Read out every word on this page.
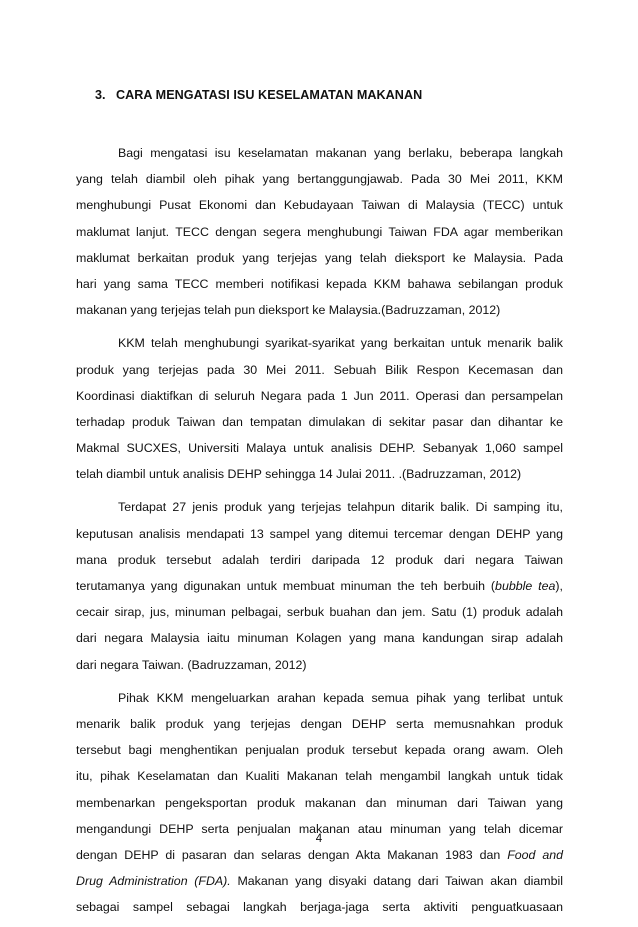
3. CARA MENGATASI ISU KESELAMATAN MAKANAN
Bagi mengatasi isu keselamatan makanan yang berlaku, beberapa langkah
yang telah diambil oleh pihak yang bertanggungjawab. Pada 30 Mei 2011, KKM
menghubungi Pusat Ekonomi dan Kebudayaan Taiwan di Malaysia (TECC) untuk
maklumat lanjut. TECC dengan segera menghubungi Taiwan FDA agar memberikan
maklumat berkaitan produk yang terjejas yang telah dieksport ke Malaysia. Pada
hari yang sama TECC memberi notifikasi kepada KKM bahawa sebilangan produk
makanan yang terjejas telah pun dieksport ke Malaysia.(Badruzzaman, 2012)
KKM telah menghubungi syarikat-syarikat yang berkaitan untuk menarik balik
produk yang terjejas pada 30 Mei 2011. Sebuah Bilik Respon Kecemasan dan
Koordinasi diaktifkan di seluruh Negara pada 1 Jun 2011. Operasi dan persampelan
terhadap produk Taiwan dan tempatan dimulakan di sekitar pasar dan dihantar ke
Makmal SUCXES, Universiti Malaya untuk analisis DEHP. Sebanyak 1,060 sampel
telah diambil untuk analisis DEHP sehingga 14 Julai 2011. .(Badruzzaman, 2012)
Terdapat 27 jenis produk yang terjejas telahpun ditarik balik. Di samping itu,
keputusan analisis mendapati 13 sampel yang ditemui tercemar dengan DEHP yang
mana produk tersebut adalah terdiri daripada 12 produk dari negara Taiwan
terutamanya yang digunakan untuk membuat minuman the teh berbuih (bubble tea),
cecair sirap, jus, minuman pelbagai, serbuk buahan dan jem. Satu (1) produk adalah
dari negara Malaysia iaitu minuman Kolagen yang mana kandungan sirap adalah
dari negara Taiwan. (Badruzzaman, 2012)
Pihak KKM mengeluarkan arahan kepada semua pihak yang terlibat untuk
menarik balik produk yang terjejas dengan DEHP serta memusnahkan produk
tersebut bagi menghentikan penjualan produk tersebut kepada orang awam. Oleh
itu, pihak Keselamatan dan Kualiti Makanan telah mengambil langkah untuk tidak
membenarkan pengeksportan produk makanan dan minuman dari Taiwan yang
mengandungi DEHP serta penjualan makanan atau minuman yang telah dicemar
dengan DEHP di pasaran dan selaras dengan Akta Makanan 1983 dan Food and
Drug Administration (FDA). Makanan yang disyaki datang dari Taiwan akan diambil
sebagai sampel sebagai langkah berjaga-jaga serta aktiviti penguatkuasaan
4
